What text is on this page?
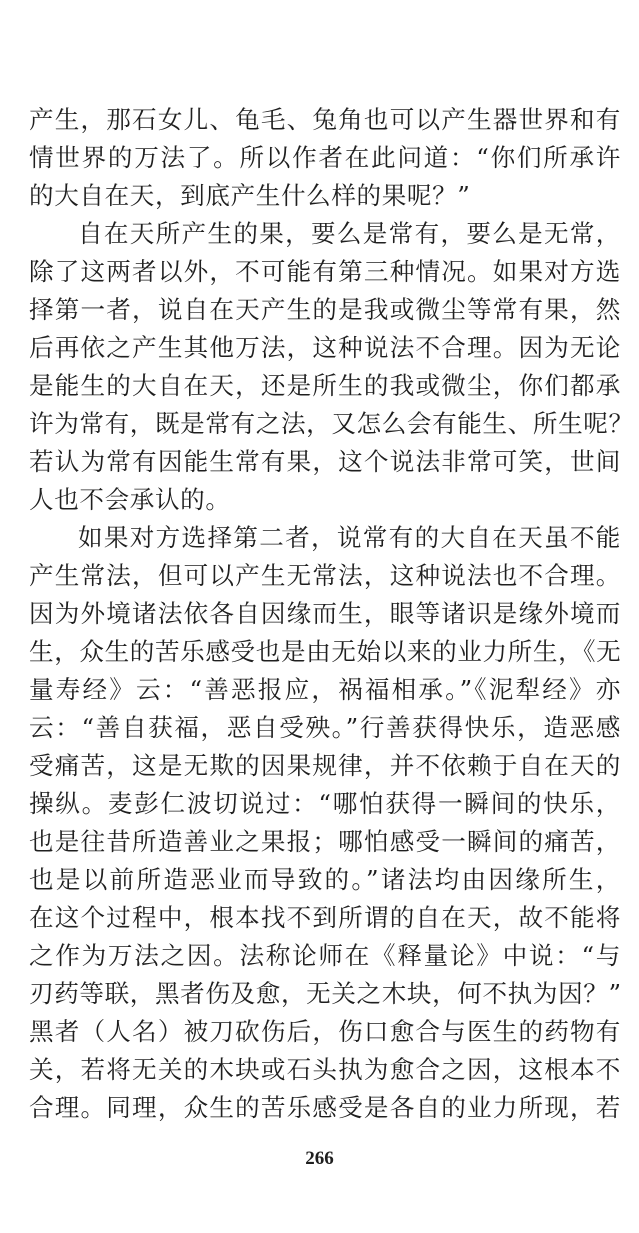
产生，那石女儿、龟毛、兔角也可以产生器世界和有
情世界的万法了。所以作者在此问道：“你们所承许
的大自在天，到底产生什么样的果呢？”
自在天所产生的果，要么是常有，要么是无常，
除了这两者以外，不可能有第三种情况。如果对方选
择第一者，说自在天产生的是我或微尘等常有果，然
后再依之产生其他万法，这种说法不合理。因为无论
是能生的大自在天，还是所生的我或微尘，你们都承
许为常有，既是常有之法，又怎么会有能生、所生呢？
若认为常有因能生常有果，这个说法非常可笑，世间
人也不会承认的。
如果对方选择第二者，说常有的大自在天虽不能
产生常法，但可以产生无常法，这种说法也不合理。
因为外境诸法依各自因缘而生，眼等诸识是缘外境而
生，众生的苦乐感受也是由无始以来的业力所生，《无
量寿经》云：“善恶报应，祸福相承。”《泥犁经》亦
云：“善自获福，恶自受殃。”行善获得快乐，造恶感
受痛苦，这是无欺的因果规律，并不依赖于自在天的
操纵。麦彭仁波切说过：“哪怕获得一瞬间的快乐，
也是往昔所造善业之果报；哪怕感受一瞬间的痛苦，
也是以前所造恶业而导致的。”诸法均由因缘所生，
在这个过程中，根本找不到所谓的自在天，故不能将
之作为万法之因。法称论师在《释量论》中说：“与
刃药等联，黑者伤及愈，无关之木块，何不执为因？”
黑者（人名）被刀砍伤后，伤口愈合与医生的药物有
关，若将无关的木块或石头执为愈合之因，这根本不
合理。同理，众生的苦乐感受是各自的业力所现，若
266
